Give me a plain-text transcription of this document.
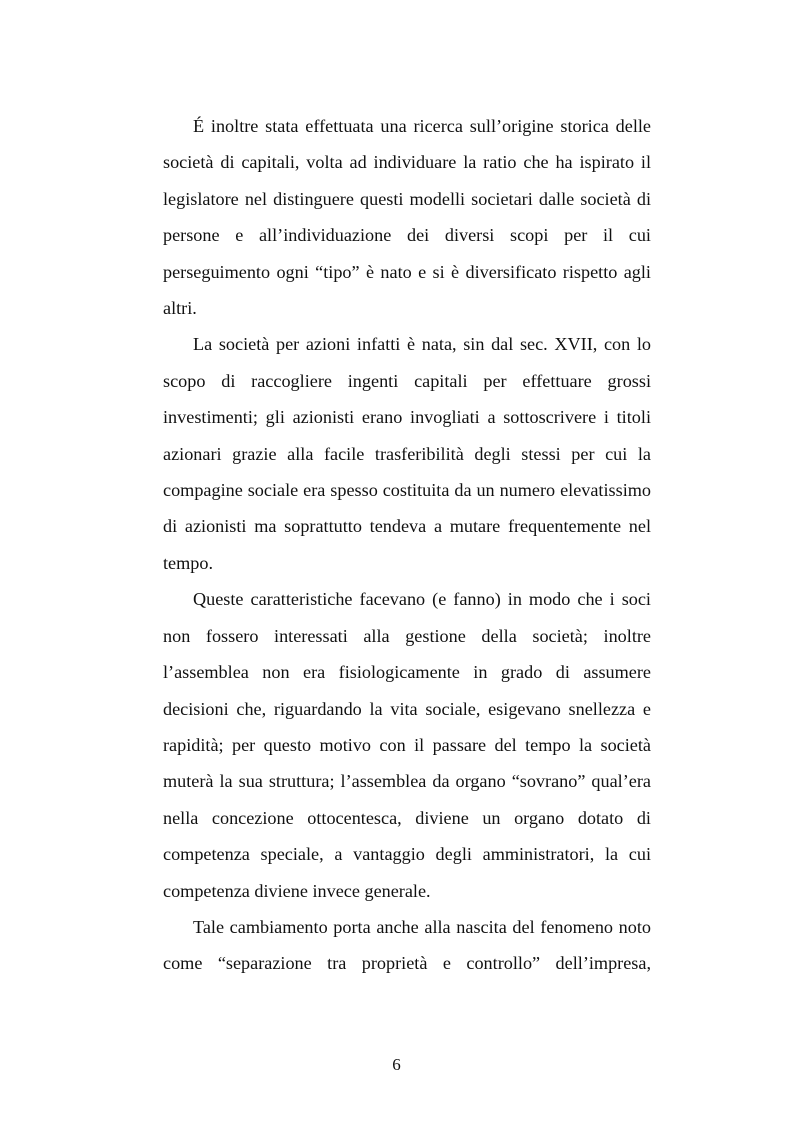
É inoltre stata effettuata una ricerca sull’origine storica delle società di capitali, volta ad individuare la ratio che ha ispirato il legislatore nel distinguere questi modelli societari dalle società di persone e all’individuazione dei diversi scopi per il cui perseguimento ogni “tipo” è nato e si è diversificato rispetto agli altri.

La società per azioni infatti è nata, sin dal sec. XVII, con lo scopo di raccogliere ingenti capitali per effettuare grossi investimenti; gli azionisti erano invogliati a sottoscrivere i titoli azionari grazie alla facile trasferibilità degli stessi per cui la compagine sociale era spesso costituita da un numero elevatissimo di azionisti ma soprattutto tendeva a mutare frequentemente nel tempo.

Queste caratteristiche facevano (e fanno) in modo che i soci non fossero interessati alla gestione della società; inoltre l’assemblea non era fisiologicamente in grado di assumere decisioni che, riguardando la vita sociale, esigevano snellezza e rapidità; per questo motivo con il passare del tempo la società muterà la sua struttura; l’assemblea da organo “sovrano” qual’era nella concezione ottocentesca, diviene un organo dotato di competenza speciale, a vantaggio degli amministratori, la cui competenza diviene invece generale.

Tale cambiamento porta anche alla nascita del fenomeno noto come “separazione tra proprietà e controllo” dell’impresa,

6
